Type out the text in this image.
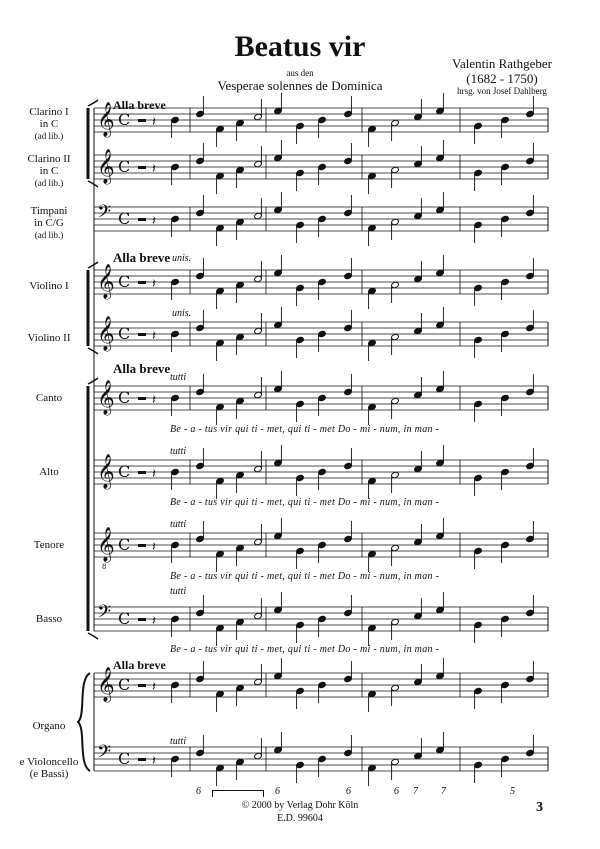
Beatus vir
aus den
Vesperae solennes de Dominica
Valentin Rathgeber
(1682 - 1750)
hrsg. von Josef Dahlberg
Alla breve
Alla breve
Alla breve
Alla breve
Clarino I
in C
(ad lib.)
Clarino II
in C
(ad lib.)
Timpani
in C/G
(ad lib.)
Violino I
Violino II
Canto
Alto
Tenore
Basso
Organo
e Violoncello
(e Bassi)
unis.
unis.
tutti
tutti
tutti
tutti
tutti
Be - a - tus vir qui ti - met, qui ti - met Do - mi - num, in man -
Be - a - tus vir qui ti - met, qui ti - met Do - mi - num, in man -
Be - a - tus vir qui ti - met, qui ti - met Do - mi - num, in man -
Be - a - tus vir qui ti - met, qui ti - met Do - mi - num, in man -
6	6	6	6 7 7	5
© 2000 by Verlag Dohr Köln
E.D. 99604
3
𝄞 C 𝄽
𝄞 C 𝄽
𝄢 C 𝄽
𝄞 C 𝄽
𝄞 C 𝄽
𝄞 C 𝄽
𝄞 C 𝄽
𝄞
8
C 𝄽
𝄢 C 𝄽
𝄞 C 𝄽
𝄢 C 𝄽
